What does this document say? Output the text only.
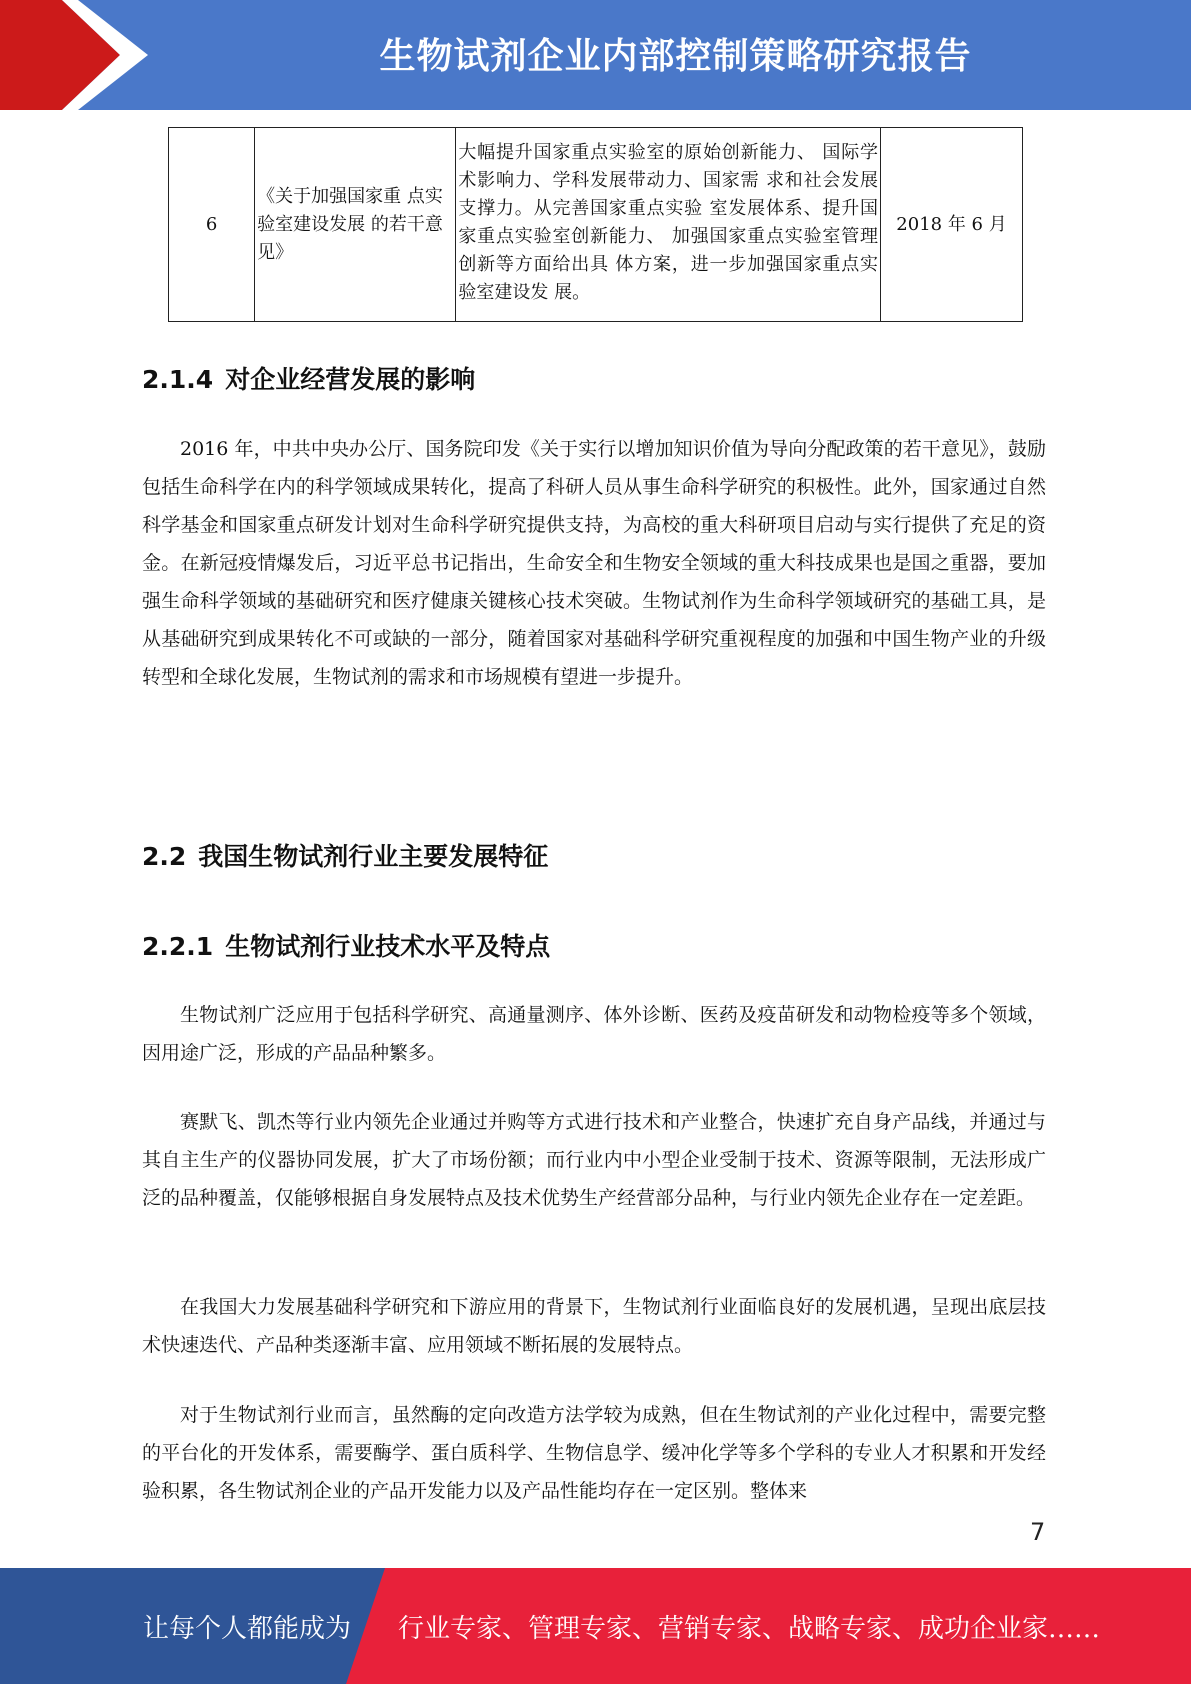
生物试剂企业内部控制策略研究报告
6	《关于加强国家重 点实验室建设发展 的若干意见》	大幅提升国家重点实验室的原始创新能力、 国际学术影响力、学科发展带动力、国家需 求和社会发展支撑力。从完善国家重点实验 室发展体系、提升国家重点实验室创新能力、 加强国家重点实验室管理创新等方面给出具 体方案，进一步加强国家重点实验室建设发 展。	2018 年 6 月
2.1.4 对企业经营发展的影响

2016 年，中共中央办公厅、国务院印发《关于实行以增加知识价值为导向分配政策的若干意见》，鼓励包括生命科学在内的科学领域成果转化，提高了科研人员从事生命科学研究的积极性。此外，国家通过自然科学基金和国家重点研发计划对生命科学研究提供支持，为高校的重大科研项目启动与实行提供了充足的资金。在新冠疫情爆发后，习近平总书记指出，生命安全和生物安全领域的重大科技成果也是国之重器，要加强生命科学领域的基础研究和医疗健康关键核心技术突破。生物试剂作为生命科学领域研究的基础工具，是从基础研究到成果转化不可或缺的一部分，随着国家对基础科学研究重视程度的加强和中国生物产业的升级转型和全球化发展，生物试剂的需求和市场规模有望进一步提升。

2.2 我国生物试剂行业主要发展特征
2.2.1 生物试剂行业技术水平及特点

生物试剂广泛应用于包括科学研究、高通量测序、体外诊断、医药及疫苗研发和动物检疫等多个领域，因用途广泛，形成的产品品种繁多。

赛默飞、凯杰等行业内领先企业通过并购等方式进行技术和产业整合，快速扩充自身产品线，并通过与其自主生产的仪器协同发展，扩大了市场份额；而行业内中小型企业受制于技术、资源等限制，无法形成广泛的品种覆盖，仅能够根据自身发展特点及技术优势生产经营部分品种，与行业内领先企业存在一定差距。

在我国大力发展基础科学研究和下游应用的背景下，生物试剂行业面临良好的发展机遇，呈现出底层技术快速迭代、产品种类逐渐丰富、应用领域不断拓展的发展特点。

对于生物试剂行业而言，虽然酶的定向改造方法学较为成熟，但在生物试剂的产业化过程中，需要完整的平台化的开发体系，需要酶学、蛋白质科学、生物信息学、缓冲化学等多个学科的专业人才积累和开发经验积累，各生物试剂企业的产品开发能力以及产品性能均存在一定区别。整体来

7
让每个人都能成为 行业专家、管理专家、营销专家、战略专家、成功企业家……
